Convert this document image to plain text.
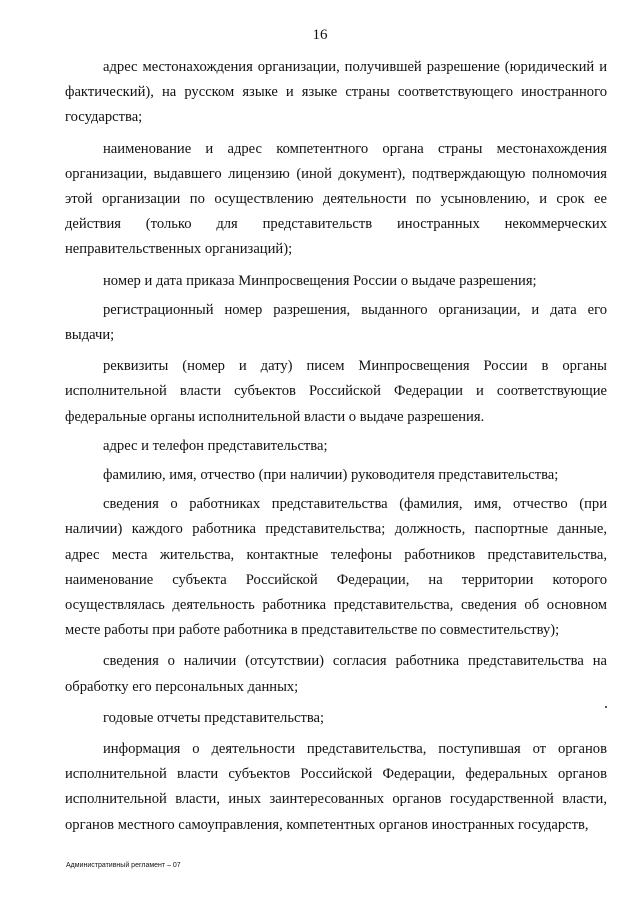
16

адрес местонахождения организации, получившей разрешение (юридический и фактический), на русском языке и языке страны соответствующего иностранного государства;

наименование и адрес компетентного органа страны местонахождения организации, выдавшего лицензию (иной документ), подтверждающую полномочия этой организации по осуществлению деятельности по усыновлению, и срок ее действия (только для представительств иностранных некоммерческих неправительственных организаций);

номер и дата приказа Минпросвещения России о выдаче разрешения;

регистрационный номер разрешения, выданного организации, и дата его выдачи;

реквизиты (номер и дату) писем Минпросвещения России в органы исполнительной власти субъектов Российской Федерации и соответствующие федеральные органы исполнительной власти о выдаче разрешения.

адрес и телефон представительства;

фамилию, имя, отчество (при наличии) руководителя представительства;

сведения о работниках представительства (фамилия, имя, отчество (при наличии) каждого работника представительства; должность, паспортные данные, адрес места жительства, контактные телефоны работников представительства, наименование субъекта Российской Федерации, на территории которого осуществлялась деятельность работника представительства, сведения об основном месте работы при работе работника в представительстве по совместительству);

сведения о наличии (отсутствии) согласия работника представительства на обработку его персональных данных;

годовые отчеты представительства;

информация о деятельности представительства, поступившая от органов исполнительной власти субъектов Российской Федерации, федеральных органов исполнительной власти, иных заинтересованных органов государственной власти, органов местного самоуправления, компетентных органов иностранных государств,

Административный регламент – 07
